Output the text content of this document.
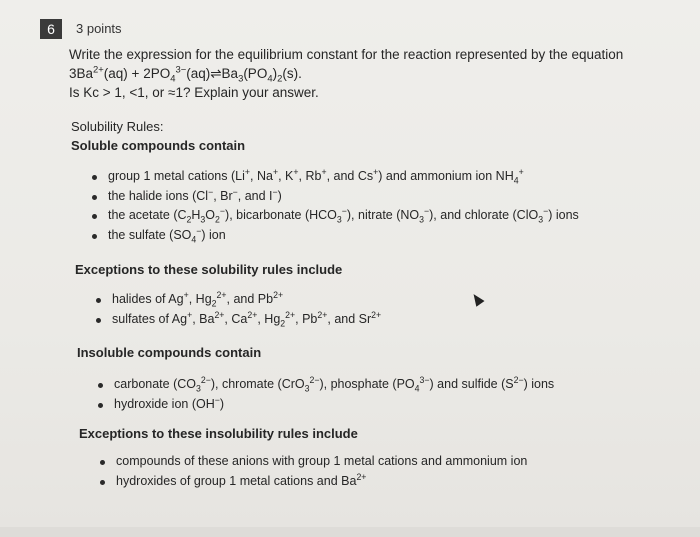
6	3 points
Write the expression for the equilibrium constant for the reaction represented by the equation
$3Ba^{2+}(aq)$ + $2PO_4^{3-}(aq)\rightleftharpoons Ba_3(PO_4)_2(s)$.
Is Kc > 1, <1, or ≈1? Explain your answer.
Solubility Rules:
Soluble compounds contain
group 1 metal cations (Li+, Na+, K+, Rb+, and Cs+) and ammonium ion $NH_4^+$
the halide ions (Cl−, Br−, and I−)
the acetate $(C_2H_3O_2^-)$, bicarbonate $(HCO_3^-)$, nitrate $(NO_3^-)$, and chlorate (ClO$_3$−) ions
the sulfate $(SO_4^-)$ ion
Exceptions to these solubility rules include
halides of Ag+, $Hg_2^{2+}$, and $Pb^{2+}$
sulfates of Ag+, $Ba^{2+}$, $Ca^{2+}$, $Hg_2^{2+}$, $Pb^{2+}$, and $Sr^{2+}$
Insoluble compounds contain
carbonate $(CO_3^{2-})$, chromate (CrO$_3^{2-}$), phosphate $(PO_4^{3-})$ and sulfide $(S^{2-})$ ions
hydroxide ion (OH−)
Exceptions to these insolubility rules include
compounds of these anions with group 1 metal cations and ammonium ion
hydroxides of group 1 metal cations and $Ba^{2+}$
